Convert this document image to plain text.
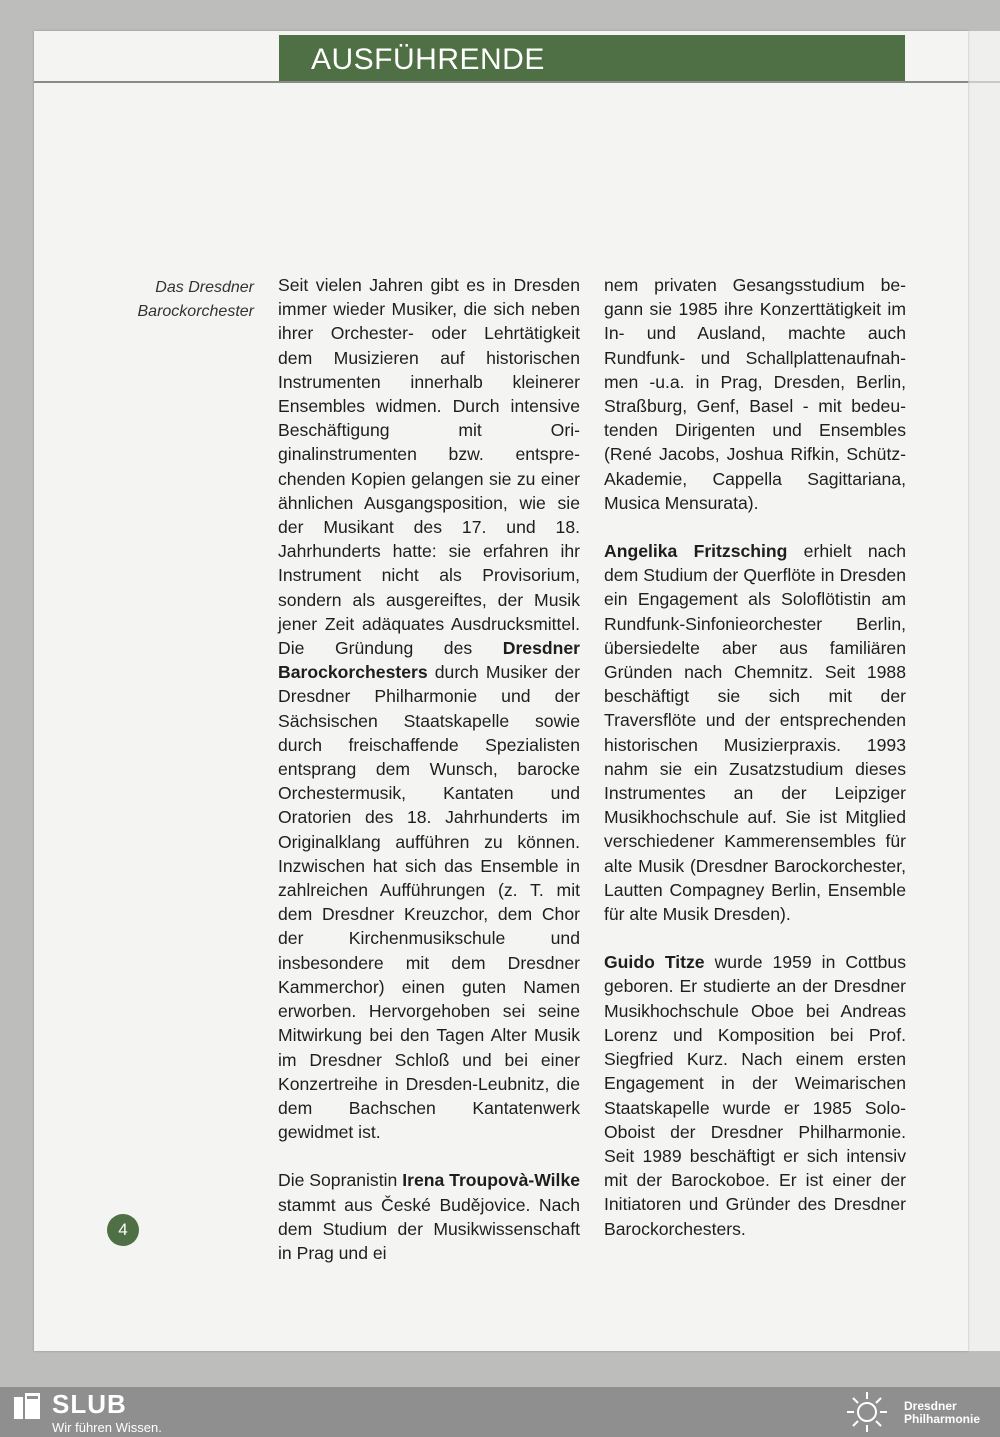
AUSFÜHRENDE
Das Dresdner
Barockorchester

Seit vielen Jahren gibt es in Dresden immer wieder Musiker, die sich neben ihrer Orchester- oder Lehrtätigkeit dem Musizieren auf historischen Instrumenten innerhalb kleinerer Ensembles widmen. Durch intensive Beschäftigung mit Originalinstrumenten bzw. entsprechenden Kopien gelangen sie zu einer ähnlichen Ausgangsposition, wie sie der Musikant des 17. und 18. Jahrhunderts hatte: sie erfahren ihr Instrument nicht als Provisorium, sondern als ausgereiftes, der Musik jener Zeit adäquates Ausdrucksmittel. Die Gründung des Dresdner Barockorchesters durch Musiker der Dresdner Philharmonie und der Sächsischen Staatskapelle sowie durch freischaffende Spezialisten entsprang dem Wunsch, barocke Orchestermusik, Kantaten und Oratorien des 18. Jahrhunderts im Originalklang aufführen zu können. Inzwischen hat sich das Ensemble in zahlreichen Aufführungen (z. T. mit dem Dresdner Kreuzchor, dem Chor der Kirchenmusikschule und insbesondere mit dem Dresdner Kammerchor) einen guten Namen erworben. Hervorgehoben sei seine Mitwirkung bei den Tagen Alter Musik im Dresdner Schloß und bei einer Konzertreihe in Dresden-Leubnitz, die dem Bachschen Kantatenwerk gewidmet ist.

Die Sopranistin Irena Troupovà-Wilke stammt aus České Budějovice. Nach dem Studium der Musikwissenschaft in Prag und ei

nem privaten Gesangsstudium begann sie 1985 ihre Konzerttätigkeit im In- und Ausland, machte auch Rundfunk- und Schallplattenaufnahmen -u.a. in Prag, Dresden, Berlin, Straßburg, Genf, Basel - mit bedeutenden Dirigenten und Ensembles (René Jacobs, Joshua Rifkin, Schütz-Akademie, Cappella Sagittariana, Musica Mensurata).

Angelika Fritzsching erhielt nach dem Studium der Querflöte in Dresden ein Engagement als Soloflötistin am Rundfunk-Sinfonieorchester Berlin, übersiedelte aber aus familiären Gründen nach Chemnitz. Seit 1988 beschäftigt sie sich mit der Traversflöte und der entsprechenden historischen Musizierpraxis. 1993 nahm sie ein Zusatzstudium dieses Instrumentes an der Leipziger Musikhochschule auf. Sie ist Mitglied verschiedener Kammerensembles für alte Musik (Dresdner Barockorchester, Lautten Compagney Berlin, Ensemble für alte Musik Dresden).

Guido Titze wurde 1959 in Cottbus geboren. Er studierte an der Dresdner Musikhochschule Oboe bei Andreas Lorenz und Komposition bei Prof. Siegfried Kurz. Nach einem ersten Engagement in der Weimarischen Staatskapelle wurde er 1985 Solo-Oboist der Dresdner Philharmonie. Seit 1989 beschäftigt er sich intensiv mit der Barockoboe. Er ist einer der Initiatoren und Gründer des Dresdner Barockorchesters.

4
SLUB
Wir führen Wissen.
Dresdner
Philharmonie
